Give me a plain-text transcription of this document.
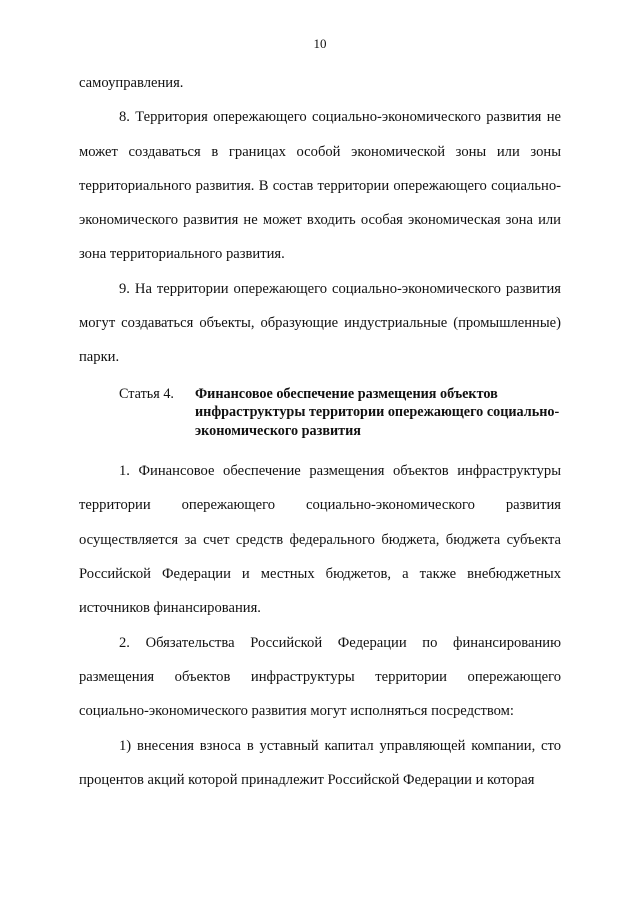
10

самоуправления.

8. Территория опережающего социально-экономического развития не может создаваться в границах особой экономической зоны или зоны территориального развития. В состав территории опережающего социально-экономического развития не может входить особая экономическая зона или зона территориального развития.

9. На территории опережающего социально-экономического развития могут создаваться объекты, образующие индустриальные (промышленные) парки.

Статья 4.	Финансовое обеспечение размещения объектов инфраструктуры территории опережающего социально-экономического развития

1. Финансовое обеспечение размещения объектов инфраструктуры территории опережающего социально-экономического развития осуществляется за счет средств федерального бюджета, бюджета субъекта Российской Федерации и местных бюджетов, а также внебюджетных источников финансирования.

2. Обязательства Российской Федерации по финансированию размещения объектов инфраструктуры территории опережающего социально-экономического развития могут исполняться посредством:

1) внесения взноса в уставный капитал управляющей компании, сто процентов акций которой принадлежит Российской Федерации и которая
